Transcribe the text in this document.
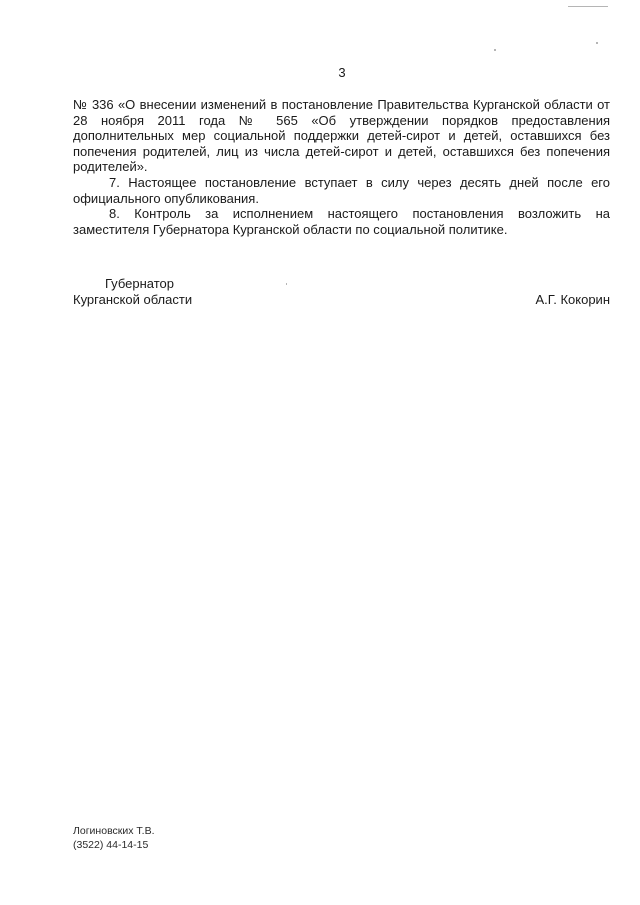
3

№ 336 «О внесении изменений в постановление Правительства Курганской области от 28 ноября 2011 года № 565 «Об утверждении порядков предоставления дополнительных мер социальной поддержки детей-сирот и детей, оставшихся без попечения родителей, лиц из числа детей-сирот и детей, оставшихся без попечения родителей».

7. Настоящее постановление вступает в силу через десять дней после его официального опубликования.

8. Контроль за исполнением настоящего постановления возложить на заместителя Губернатора Курганской области по социальной политике.

Губернатор
Курганской области	А.Г. Кокорин
Логиновских Т.В.
(3522) 44-14-15
